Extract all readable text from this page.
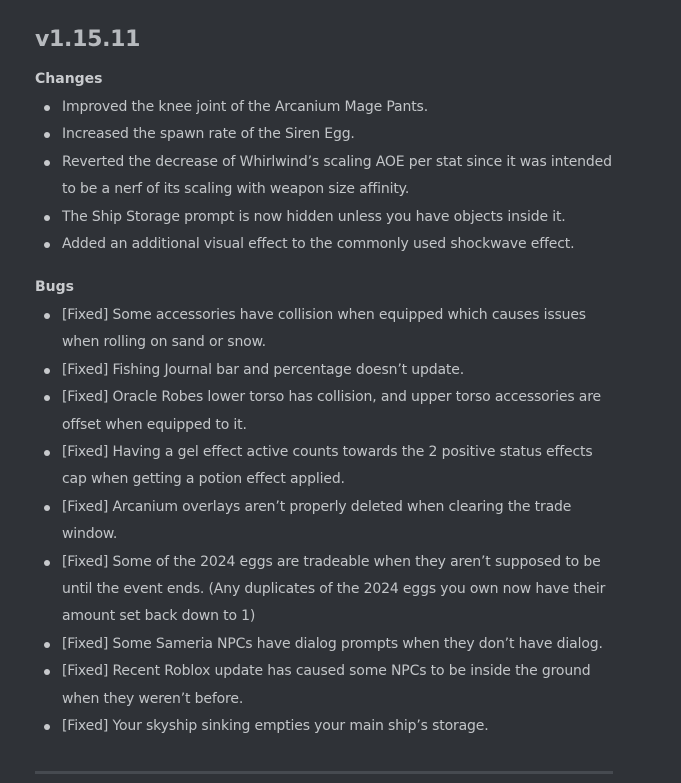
v1.15.11
Changes
Improved the knee joint of the Arcanium Mage Pants.
Increased the spawn rate of the Siren Egg.
Reverted the decrease of Whirlwind’s scaling AOE per stat since it was intended to be a nerf of its scaling with weapon size affinity.
The Ship Storage prompt is now hidden unless you have objects inside it.
Added an additional visual effect to the commonly used shockwave effect.
Bugs
[Fixed] Some accessories have collision when equipped which causes issues when rolling on sand or snow.
[Fixed] Fishing Journal bar and percentage doesn’t update.
[Fixed] Oracle Robes lower torso has collision, and upper torso accessories are offset when equipped to it.
[Fixed] Having a gel effect active counts towards the 2 positive status effects cap when getting a potion effect applied.
[Fixed] Arcanium overlays aren’t properly deleted when clearing the trade window.
[Fixed] Some of the 2024 eggs are tradeable when they aren’t supposed to be until the event ends. (Any duplicates of the 2024 eggs you own now have their amount set back down to 1)
[Fixed] Some Sameria NPCs have dialog prompts when they don’t have dialog.
[Fixed] Recent Roblox update has caused some NPCs to be inside the ground when they weren’t before.
[Fixed] Your skyship sinking empties your main ship’s storage.
